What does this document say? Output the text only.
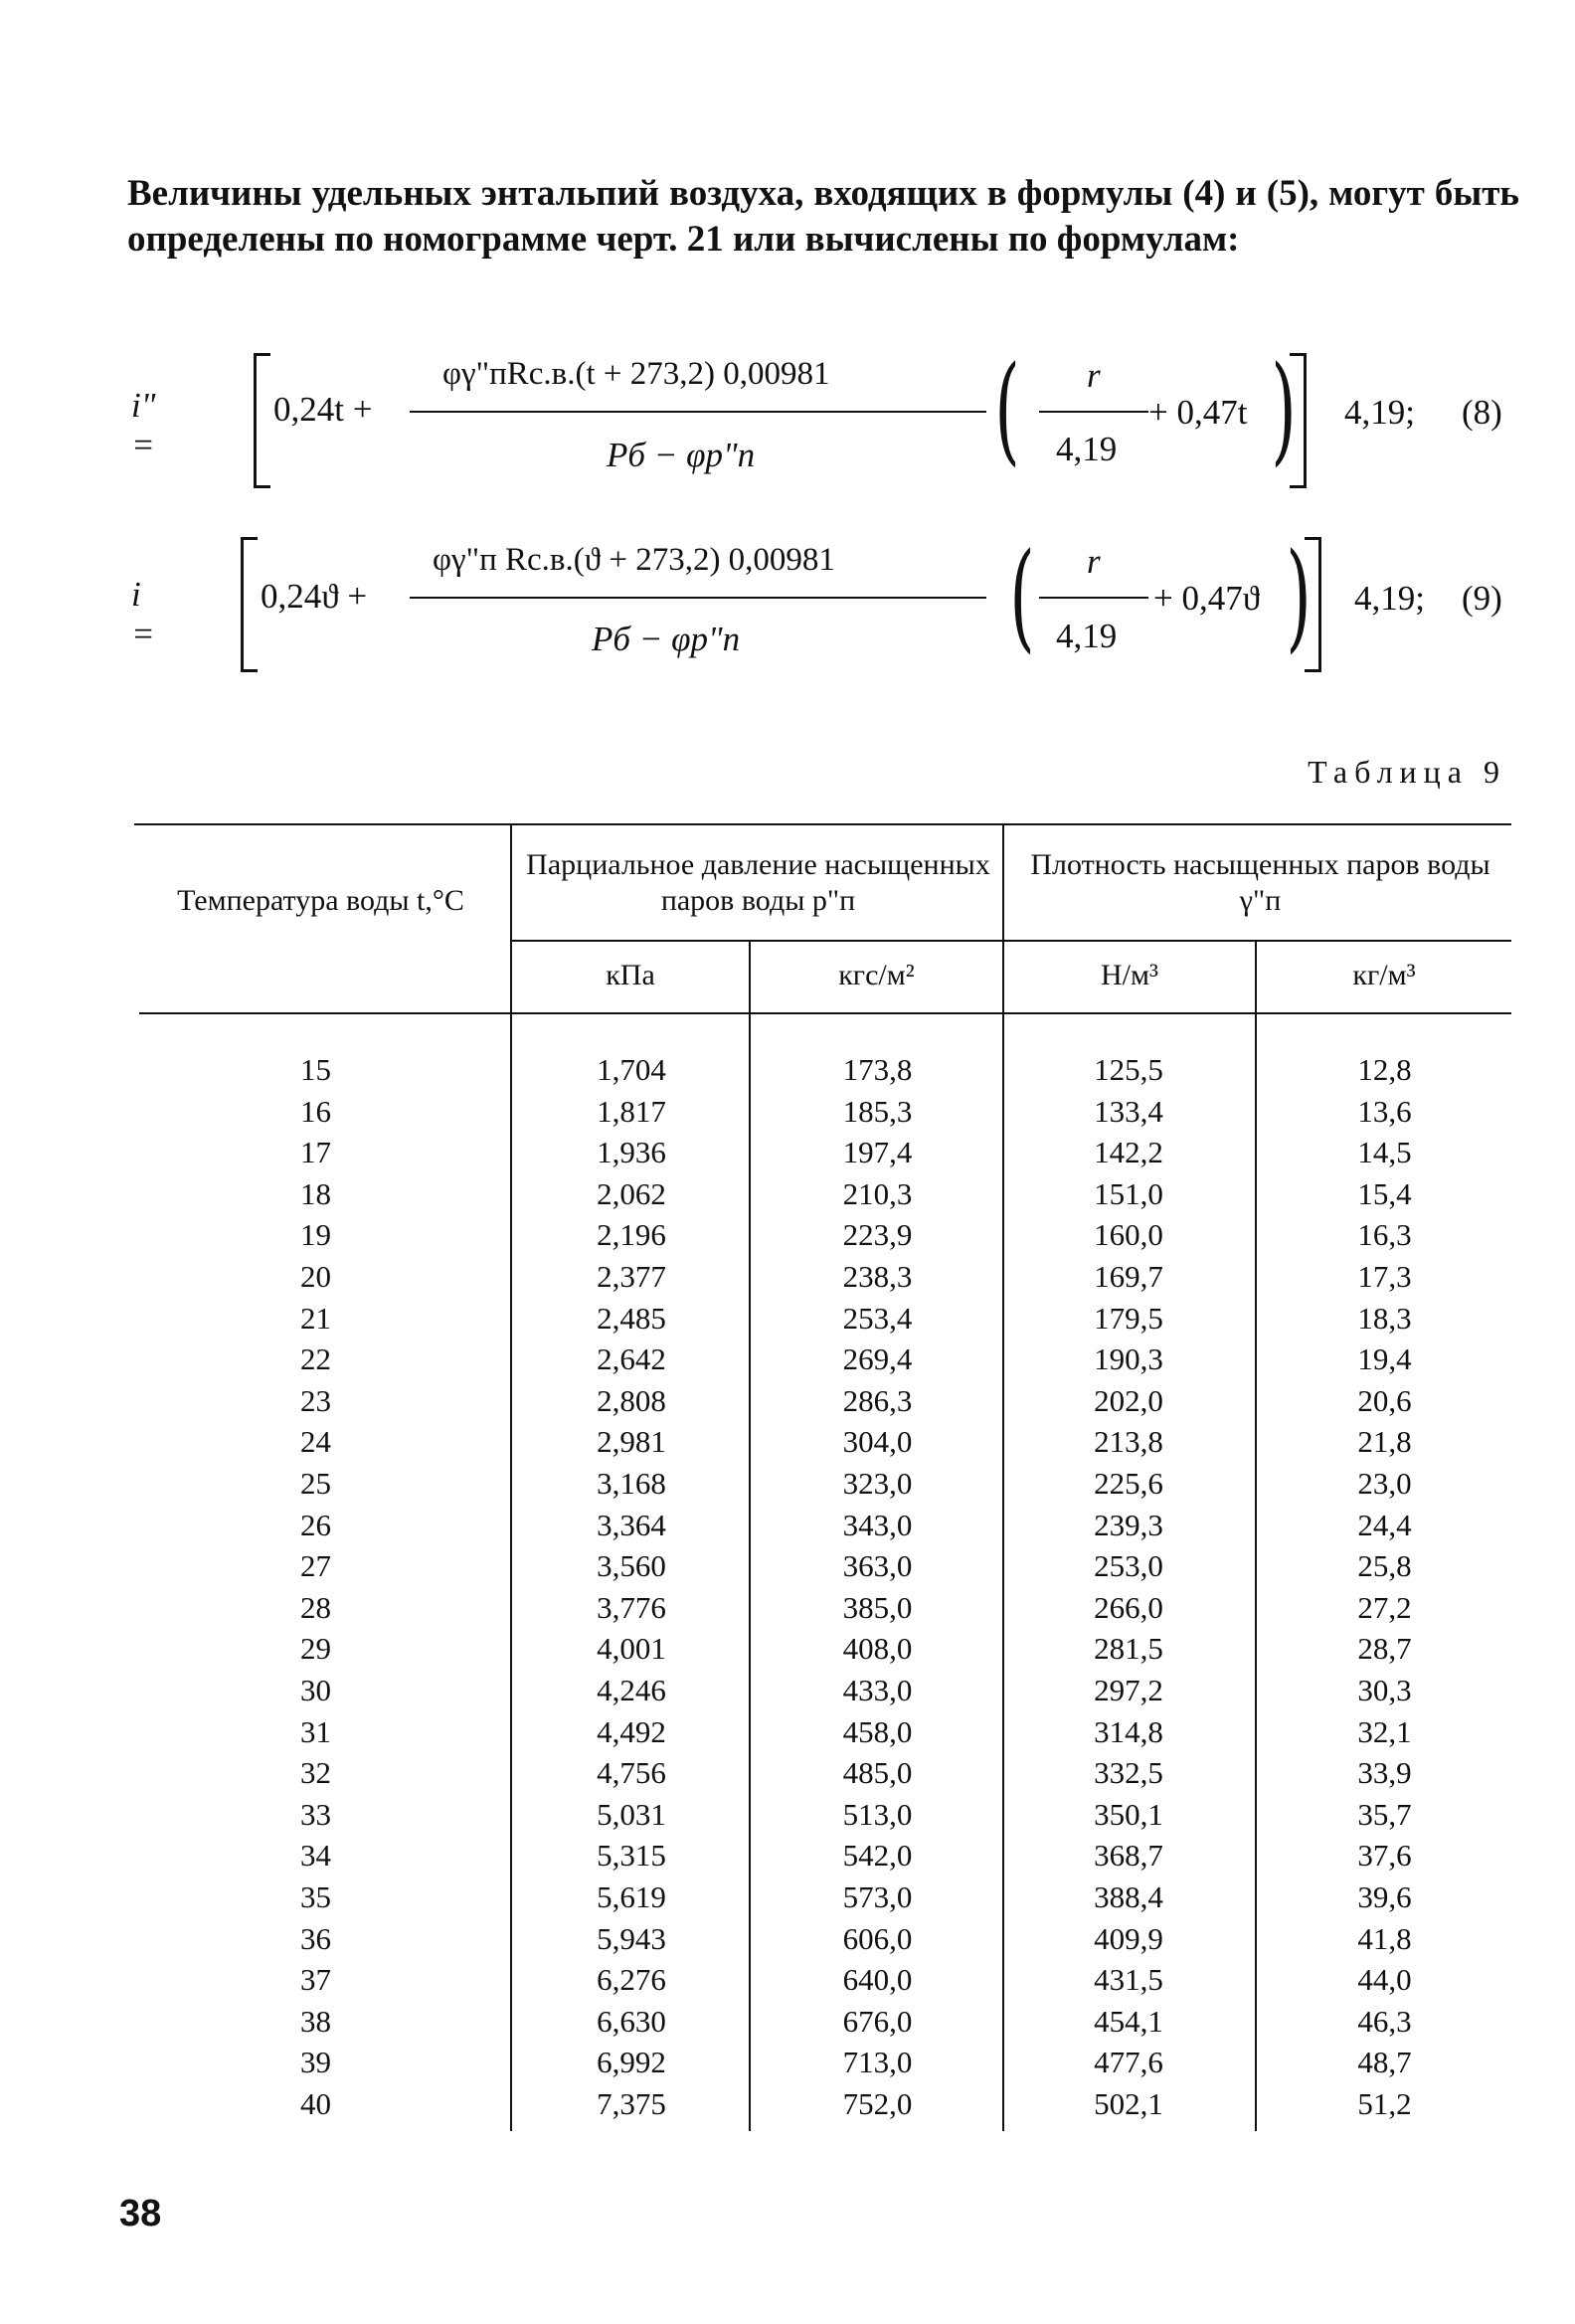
Величины удельных энтальпий воздуха, входящих в формулы (4) и (5), могут быть определены по номограмме черт. 21 или вычислены по формулам:
i" =
0,24t +
φγ"пRс.в.(t + 273,2) 0,00981
Pб − φp"п ( r
4,19
+ 0,47t ) 4,19; (8)
i =
0,24ϑ +
φγ"п Rс.в.(ϑ + 273,2) 0,00981
Pб − φp"п ( r
4,19
+ 0,47ϑ ) 4,19; (9)
Таблица 9
Температура воды t,°C
Парциальное давление насыщенных паров воды p"п
Плотность насыщенных паров воды γ"п
кПа	кгс/м²	Н/м³	кг/м³
15	1,704	173,8	125,5	12,8
16	1,817	185,3	133,4	13,6
17	1,936	197,4	142,2	14,5
18	2,062	210,3	151,0	15,4
19	2,196	223,9	160,0	16,3
20	2,377	238,3	169,7	17,3
21	2,485	253,4	179,5	18,3
22	2,642	269,4	190,3	19,4
23	2,808	286,3	202,0	20,6
24	2,981	304,0	213,8	21,8
25	3,168	323,0	225,6	23,0
26	3,364	343,0	239,3	24,4
27	3,560	363,0	253,0	25,8
28	3,776	385,0	266,0	27,2
29	4,001	408,0	281,5	28,7
30	4,246	433,0	297,2	30,3
31	4,492	458,0	314,8	32,1
32	4,756	485,0	332,5	33,9
33	5,031	513,0	350,1	35,7
34	5,315	542,0	368,7	37,6
35	5,619	573,0	388,4	39,6
36	5,943	606,0	409,9	41,8
37	6,276	640,0	431,5	44,0
38	6,630	676,0	454,1	46,3
39	6,992	713,0	477,6	48,7
40	7,375	752,0	502,1	51,2
38
